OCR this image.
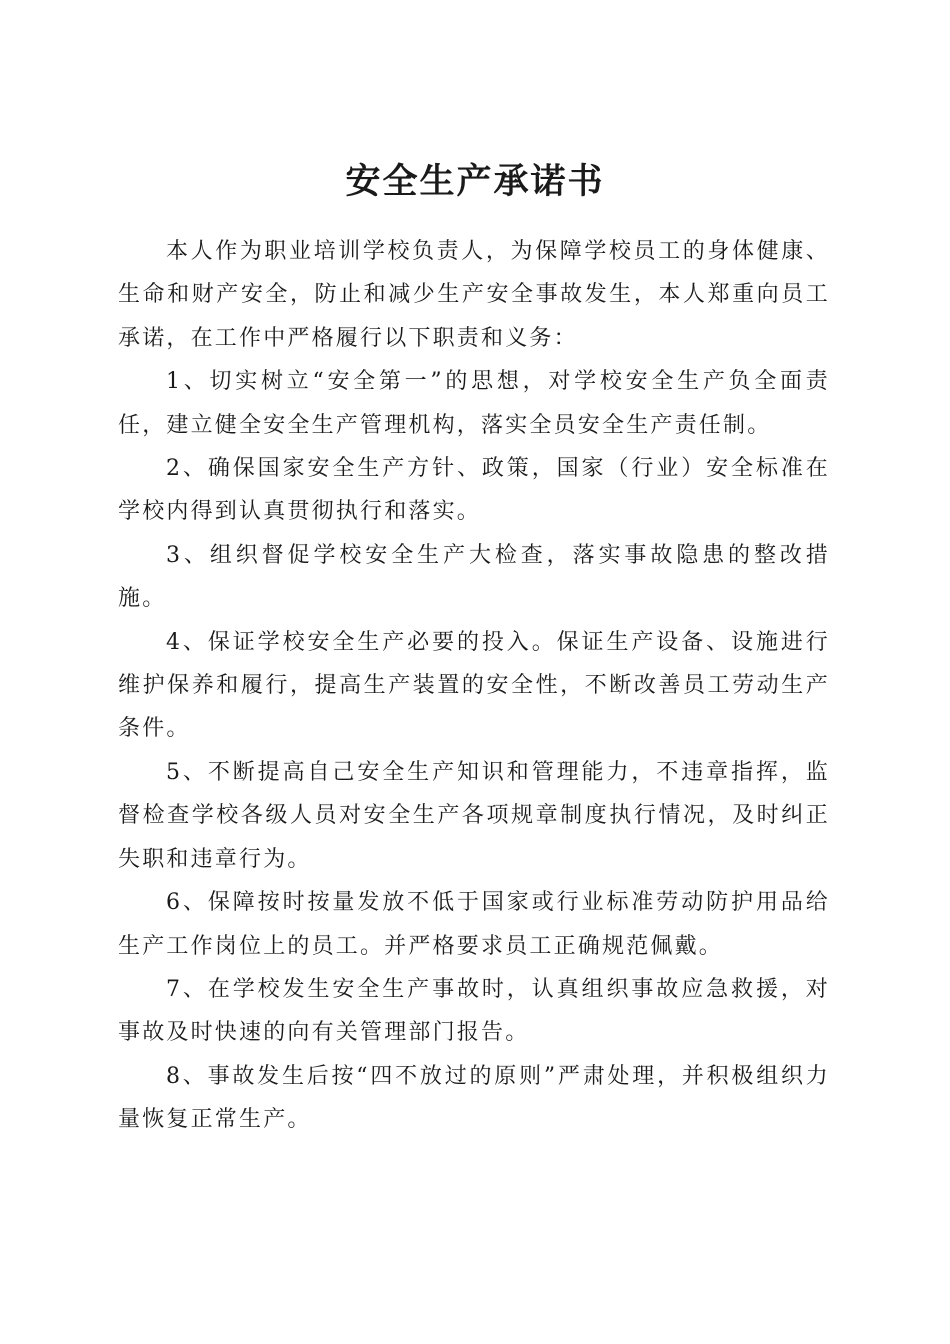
安全生产承诺书

本人作为职业培训学校负责人，为保障学校员工的身体健康、生命和财产安全，防止和减少生产安全事故发生，本人郑重向员工承诺，在工作中严格履行以下职责和义务：

1、切实树立“安全第一”的思想，对学校安全生产负全面责任，建立健全安全生产管理机构，落实全员安全生产责任制。

2、确保国家安全生产方针、政策，国家（行业）安全标准在学校内得到认真贯彻执行和落实。

3、组织督促学校安全生产大检查，落实事故隐患的整改措施。

4、保证学校安全生产必要的投入。保证生产设备、设施进行维护保养和履行，提高生产装置的安全性，不断改善员工劳动生产条件。

5、不断提高自己安全生产知识和管理能力，不违章指挥，监督检查学校各级人员对安全生产各项规章制度执行情况，及时纠正失职和违章行为。

6、保障按时按量发放不低于国家或行业标准劳动防护用品给生产工作岗位上的员工。并严格要求员工正确规范佩戴。

7、在学校发生安全生产事故时，认真组织事故应急救援，对事故及时快速的向有关管理部门报告。

8、事故发生后按“四不放过的原则”严肃处理，并积极组织力量恢复正常生产。
